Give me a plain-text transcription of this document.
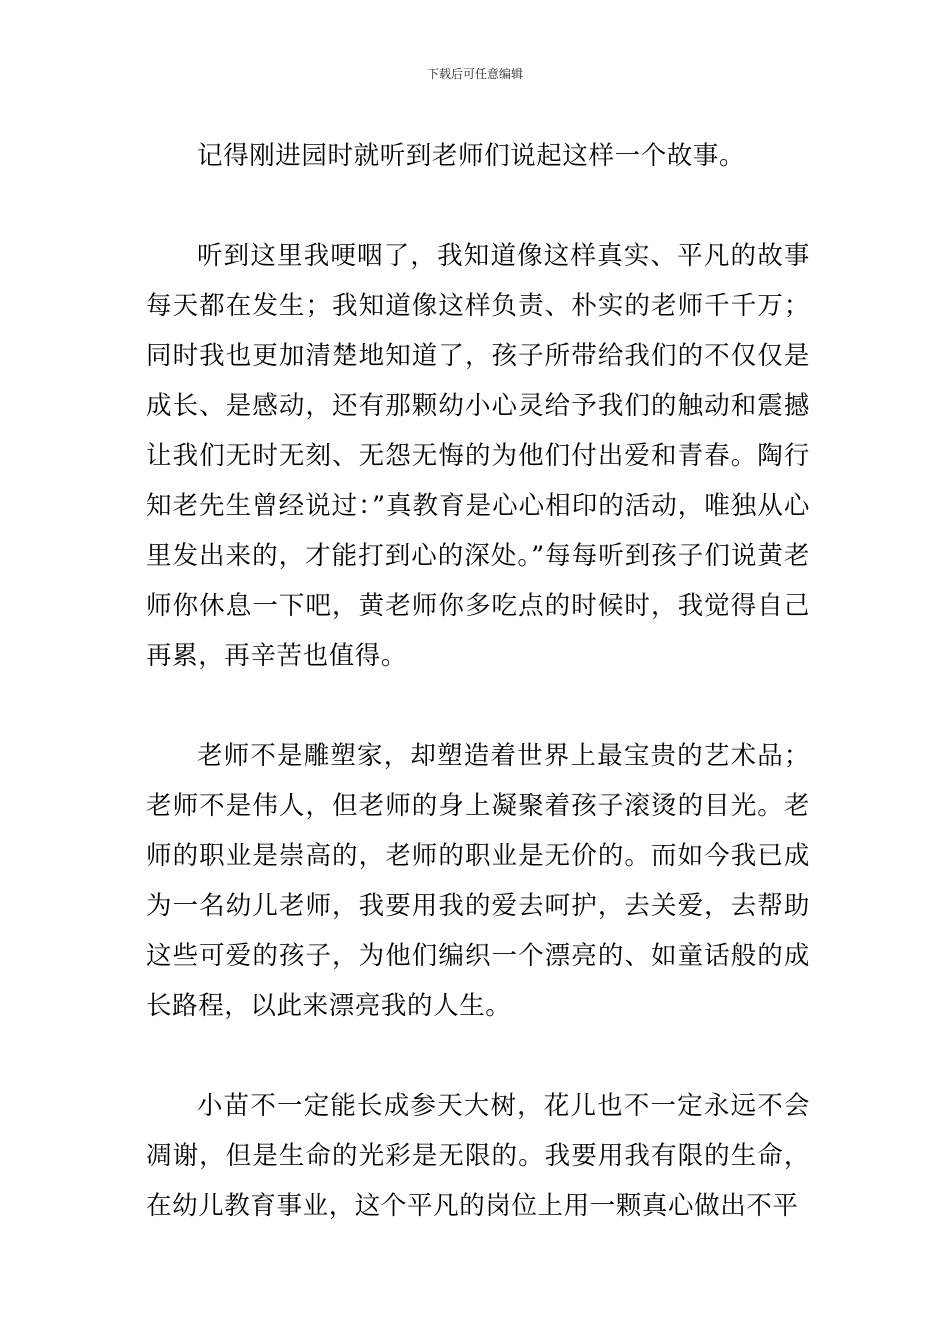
下载后可任意编辑

记得刚进园时就听到老师们说起这样一个故事。

听到这里我哽咽了，我知道像这样真实、平凡的故事每天都在发生；我知道像这样负责、朴实的老师千千万；同时我也更加清楚地知道了，孩子所带给我们的不仅仅是成长、是感动，还有那颗幼小心灵给予我们的触动和震撼让我们无时无刻、无怨无悔的为他们付出爱和青春。陶行知老先生曾经说过：”真教育是心心相印的活动，唯独从心里发出来的，才能打到心的深处。”每每听到孩子们说黄老师你休息一下吧，黄老师你多吃点的时候时，我觉得自己再累，再辛苦也值得。

老师不是雕塑家，却塑造着世界上最宝贵的艺术品；老师不是伟人，但老师的身上凝聚着孩子滚烫的目光。老师的职业是崇高的，老师的职业是无价的。而如今我已成为一名幼儿老师，我要用我的爱去呵护，去关爱，去帮助这些可爱的孩子，为他们编织一个漂亮的、如童话般的成长路程，以此来漂亮我的人生。

小苗不一定能长成参天大树，花儿也不一定永远不会凋谢，但是生命的光彩是无限的。我要用我有限的生命，在幼儿教育事业，这个平凡的岗位上用一颗真心做出不平
